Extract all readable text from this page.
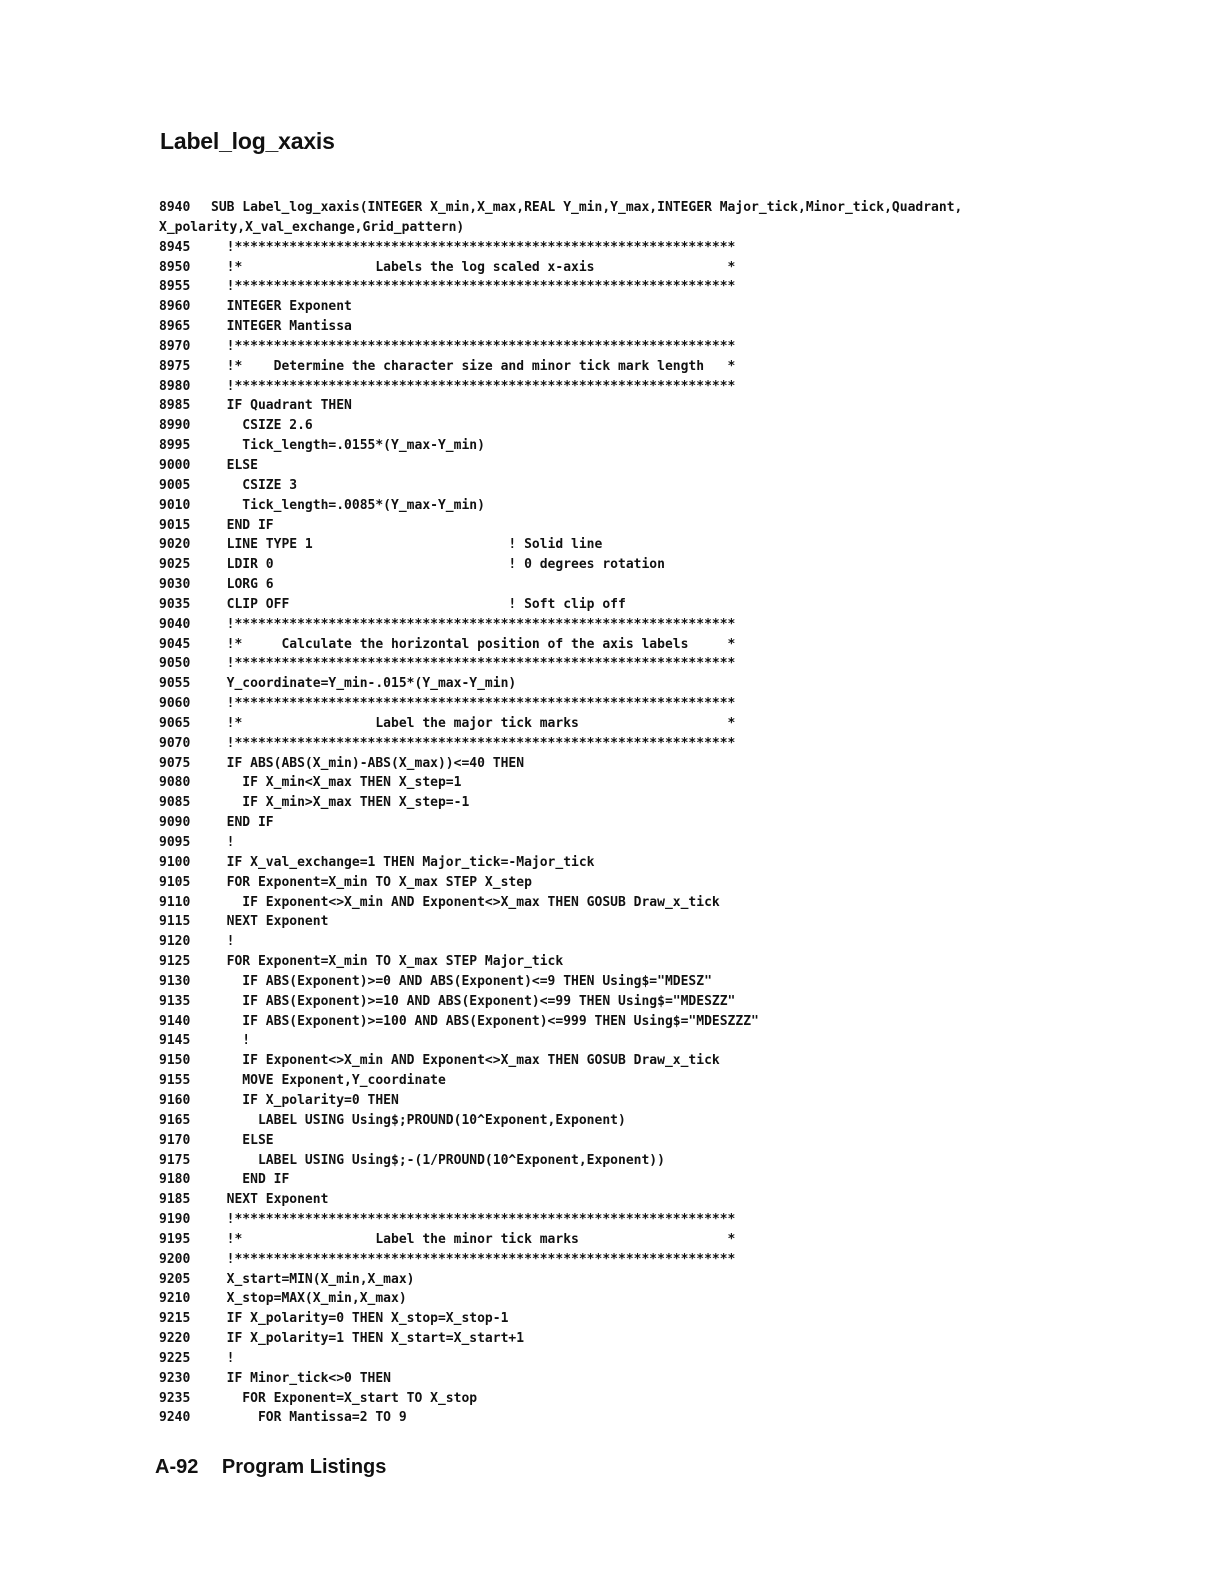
Label_log_xaxis
8940	SUB Label_log_xaxis(INTEGER X_min,X_max,REAL Y_min,Y_max,INTEGER Major_tick,Minor_tick,Quadrant,
X_polarity,X_val_exchange,Grid_pattern)
8945	!****************************************************************
8950	!*                 Labels the log scaled x-axis                 *
8955	!****************************************************************
8960	INTEGER Exponent
8965	INTEGER Mantissa
8970	!****************************************************************
8975	!*    Determine the character size and minor tick mark length   *
8980	!****************************************************************
8985	IF Quadrant THEN
8990	CSIZE 2.6
8995	Tick_length=.0155*(Y_max-Y_min)
9000	ELSE
9005	CSIZE 3
9010	Tick_length=.0085*(Y_max-Y_min)
9015	END IF
9020	LINE TYPE 1                         ! Solid line
9025	LDIR 0                              ! 0 degrees rotation
9030	LORG 6
9035	CLIP OFF                            ! Soft clip off
9040	!****************************************************************
9045	!*     Calculate the horizontal position of the axis labels     *
9050	!****************************************************************
9055	Y_coordinate=Y_min-.015*(Y_max-Y_min)
9060	!****************************************************************
9065	!*                 Label the major tick marks                   *
9070	!****************************************************************
9075	IF ABS(ABS(X_min)-ABS(X_max))<=40 THEN
9080	IF X_min<X_max THEN X_step=1
9085	IF X_min>X_max THEN X_step=-1
9090	END IF
9095	!
9100	IF X_val_exchange=1 THEN Major_tick=-Major_tick
9105	FOR Exponent=X_min TO X_max STEP X_step
9110	IF Exponent<>X_min AND Exponent<>X_max THEN GOSUB Draw_x_tick
9115	NEXT Exponent
9120	!
9125	FOR Exponent=X_min TO X_max STEP Major_tick
9130	IF ABS(Exponent)>=0 AND ABS(Exponent)<=9 THEN Using$="MDESZ"
9135	IF ABS(Exponent)>=10 AND ABS(Exponent)<=99 THEN Using$="MDESZZ"
9140	IF ABS(Exponent)>=100 AND ABS(Exponent)<=999 THEN Using$="MDESZZZ"
9145	!
9150	IF Exponent<>X_min AND Exponent<>X_max THEN GOSUB Draw_x_tick
9155	MOVE Exponent,Y_coordinate
9160	IF X_polarity=0 THEN
9165	LABEL USING Using$;PROUND(10^Exponent,Exponent)
9170	ELSE
9175	LABEL USING Using$;-(1/PROUND(10^Exponent,Exponent))
9180	END IF
9185	NEXT Exponent
9190	!****************************************************************
9195	!*                 Label the minor tick marks                   *
9200	!****************************************************************
9205	X_start=MIN(X_min,X_max)
9210	X_stop=MAX(X_min,X_max)
9215	IF X_polarity=0 THEN X_stop=X_stop-1
9220	IF X_polarity=1 THEN X_start=X_start+1
9225	!
9230	IF Minor_tick<>0 THEN
9235	FOR Exponent=X_start TO X_stop
9240	FOR Mantissa=2 TO 9
A-92 Program Listings
